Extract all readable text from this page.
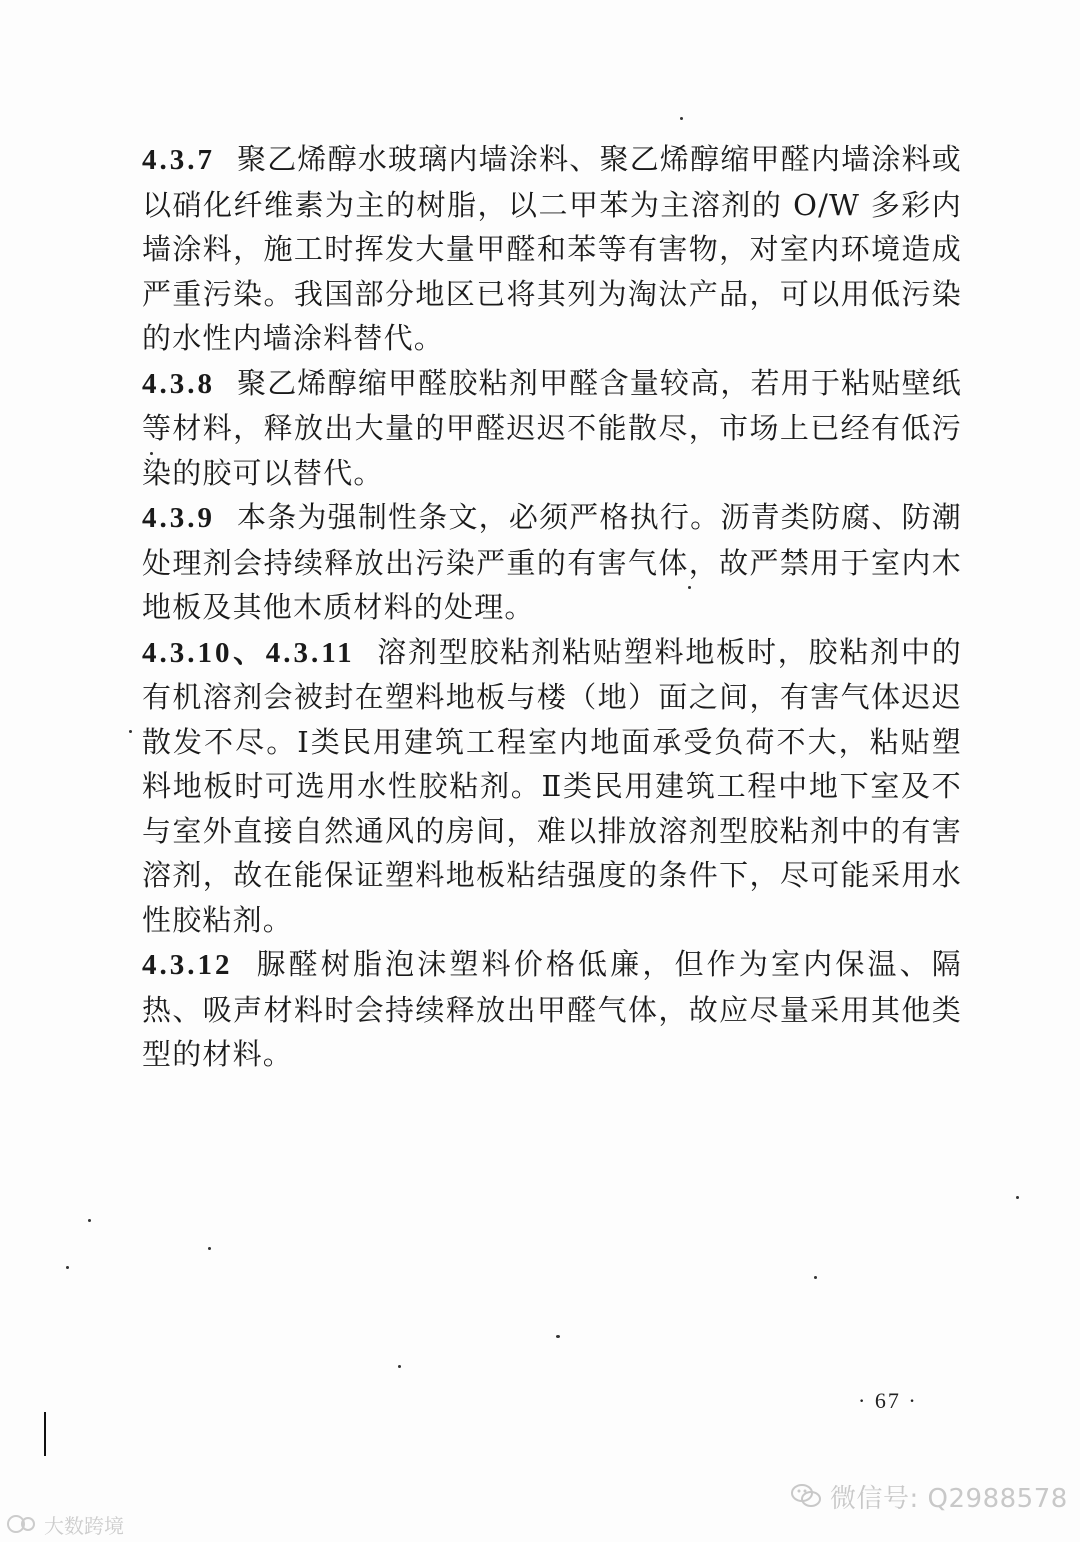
4.3.7 聚乙烯醇水玻璃内墙涂料、聚乙烯醇缩甲醛内墙涂料或以硝化纤维素为主的树脂，以二甲苯为主溶剂的 O/W 多彩内墙涂料，施工时挥发大量甲醛和苯等有害物，对室内环境造成严重污染。我国部分地区已将其列为淘汰产品，可以用低污染的水性内墙涂料替代。

4.3.8 聚乙烯醇缩甲醛胶粘剂甲醛含量较高，若用于粘贴壁纸等材料，释放出大量的甲醛迟迟不能散尽，市场上已经有低污染的胶可以替代。

4.3.9 本条为强制性条文，必须严格执行。沥青类防腐、防潮处理剂会持续释放出污染严重的有害气体，故严禁用于室内木地板及其他木质材料的处理。

4.3.10、4.3.11 溶剂型胶粘剂粘贴塑料地板时，胶粘剂中的有机溶剂会被封在塑料地板与楼（地）面之间，有害气体迟迟散发不尽。Ⅰ类民用建筑工程室内地面承受负荷不大，粘贴塑料地板时可选用水性胶粘剂。Ⅱ类民用建筑工程中地下室及不与室外直接自然通风的房间，难以排放溶剂型胶粘剂中的有害溶剂，故在能保证塑料地板粘结强度的条件下，尽可能采用水性胶粘剂。

4.3.12 脲醛树脂泡沫塑料价格低廉，但作为室内保温、隔热、吸声材料时会持续释放出甲醛气体，故应尽量采用其他类型的材料。

· 67 ·
微信号: Q2988578
大数跨境
